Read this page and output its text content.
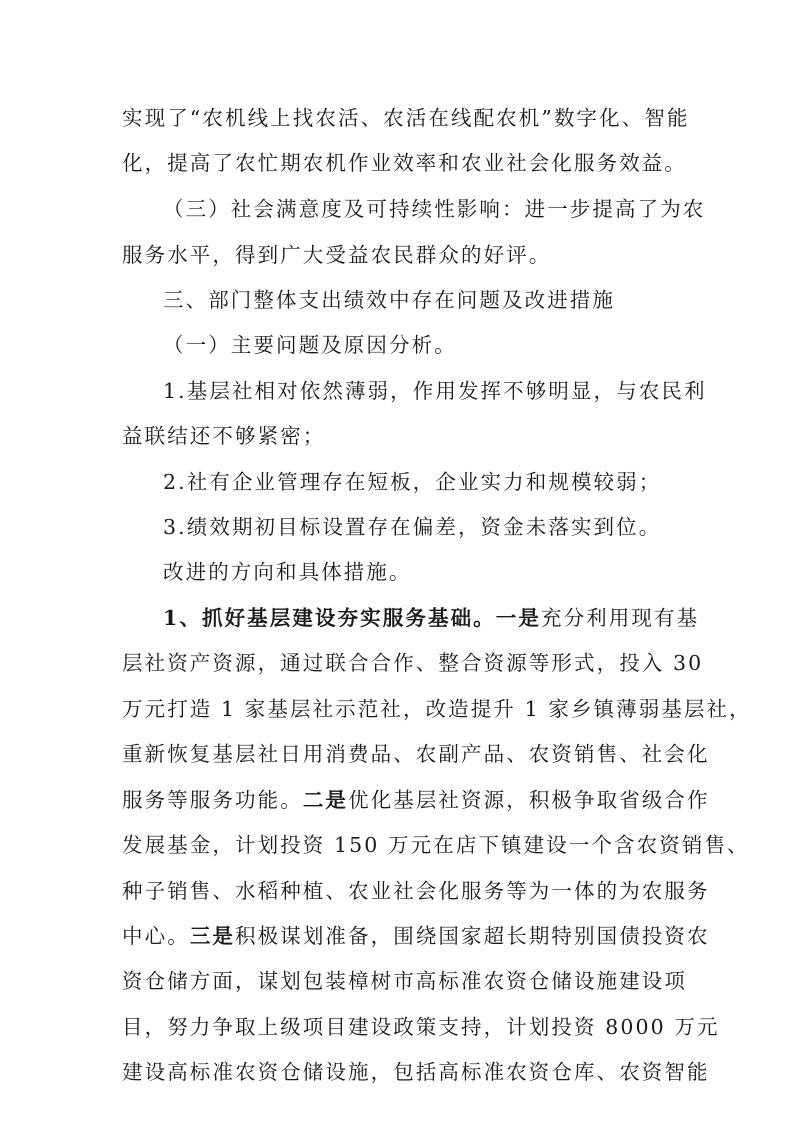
实现了“农机线上找农活、农活在线配农机”数字化、智能
化，提高了农忙期农机作业效率和农业社会化服务效益。
（三）社会满意度及可持续性影响：进一步提高了为农
服务水平，得到广大受益农民群众的好评。
三、部门整体支出绩效中存在问题及改进措施
（一）主要问题及原因分析。
1.基层社相对依然薄弱，作用发挥不够明显，与农民利
益联结还不够紧密；
2.社有企业管理存在短板，企业实力和规模较弱；
3.绩效期初目标设置存在偏差，资金未落实到位。
改进的方向和具体措施。
1、抓好基层建设夯实服务基础。一是充分利用现有基
层社资产资源，通过联合合作、整合资源等形式，投入 30
万元打造 1 家基层社示范社，改造提升 1 家乡镇薄弱基层社，
重新恢复基层社日用消费品、农副产品、农资销售、社会化
服务等服务功能。二是优化基层社资源，积极争取省级合作
发展基金，计划投资 150 万元在店下镇建设一个含农资销售、
种子销售、水稻种植、农业社会化服务等为一体的为农服务
中心。三是积极谋划准备，围绕国家超长期特别国债投资农
资仓储方面，谋划包装樟树市高标准农资仓储设施建设项
目，努力争取上级项目建设政策支持，计划投资 8000 万元
建设高标准农资仓储设施，包括高标准农资仓库、农资智能
